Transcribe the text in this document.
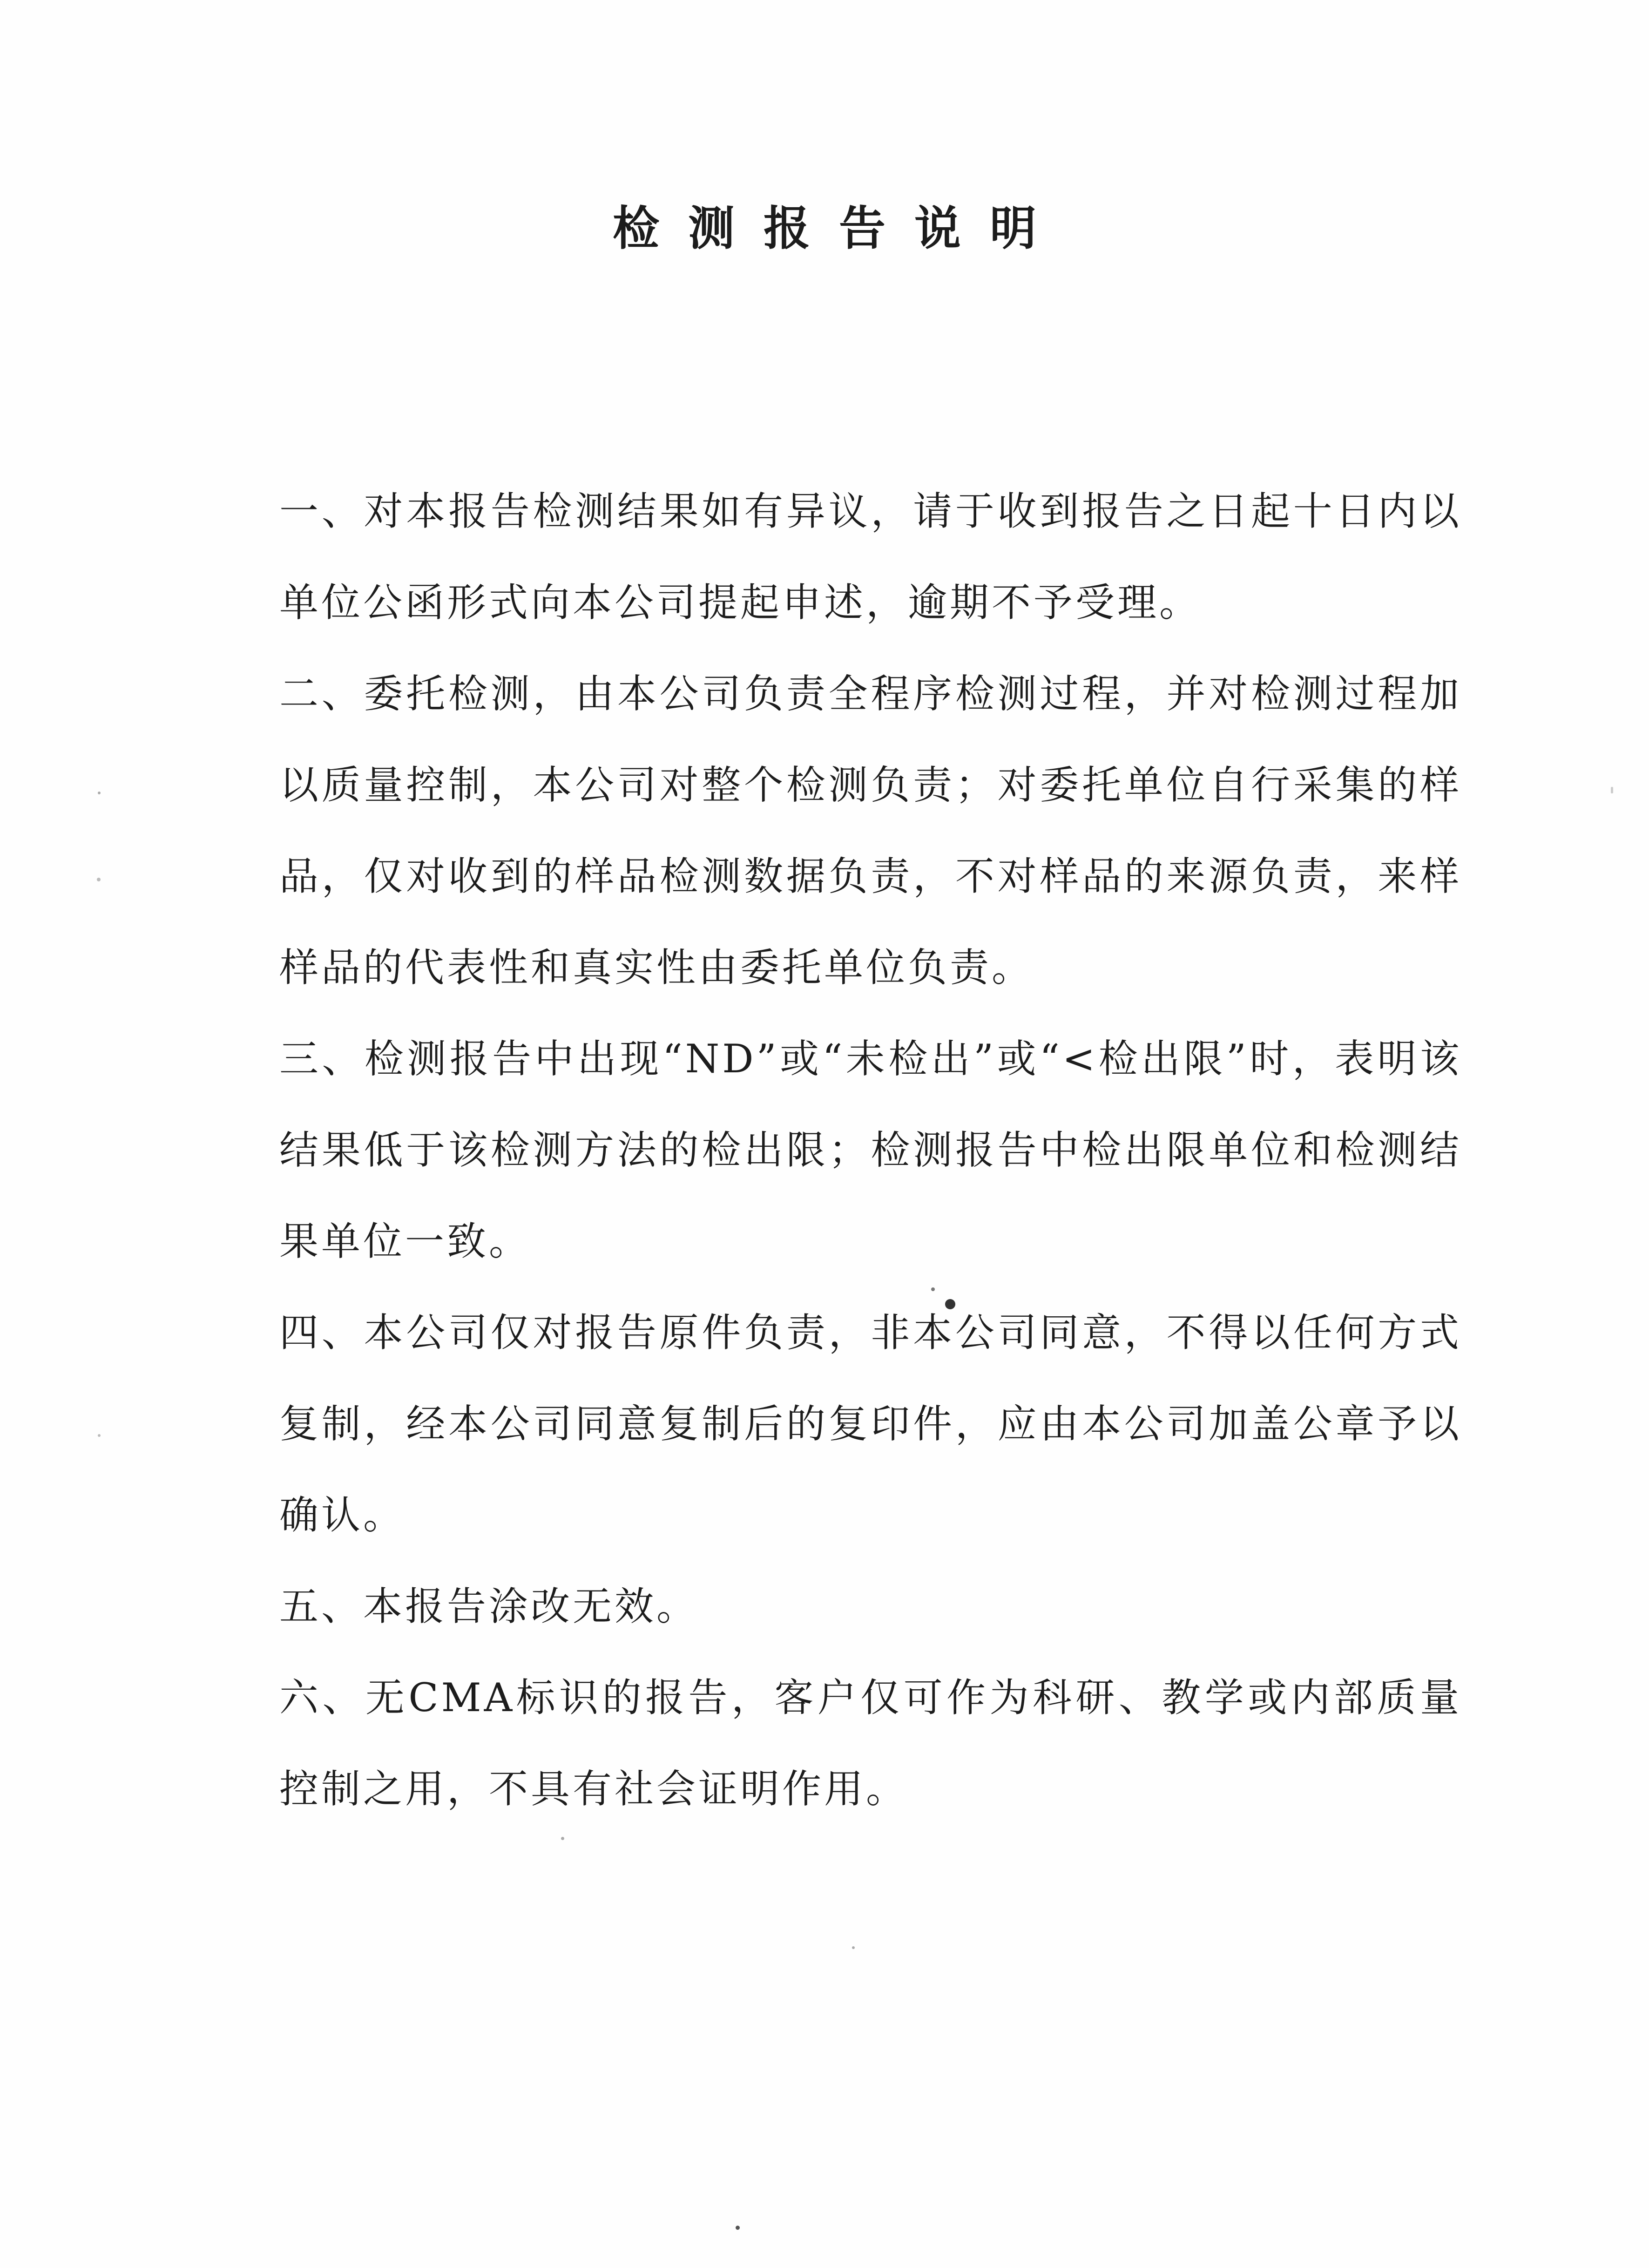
检测报告说明

一、对本报告检测结果如有异议，请于收到报告之日起十日内以单位公函形式向本公司提起申述，逾期不予受理。

二、委托检测，由本公司负责全程序检测过程，并对检测过程加以质量控制，本公司对整个检测负责；对委托单位自行采集的样品，仅对收到的样品检测数据负责，不对样品的来源负责，来样样品的代表性和真实性由委托单位负责。

三、检测报告中出现“ND”或“未检出”或“<检出限”时，表明该结果低于该检测方法的检出限；检测报告中检出限单位和检测结果单位一致。

四、本公司仅对报告原件负责，非本公司同意，不得以任何方式复制，经本公司同意复制后的复印件，应由本公司加盖公章予以确认。

五、本报告涂改无效。

六、无CMA标识的报告，客户仅可作为科研、教学或内部质量控制之用，不具有社会证明作用。
